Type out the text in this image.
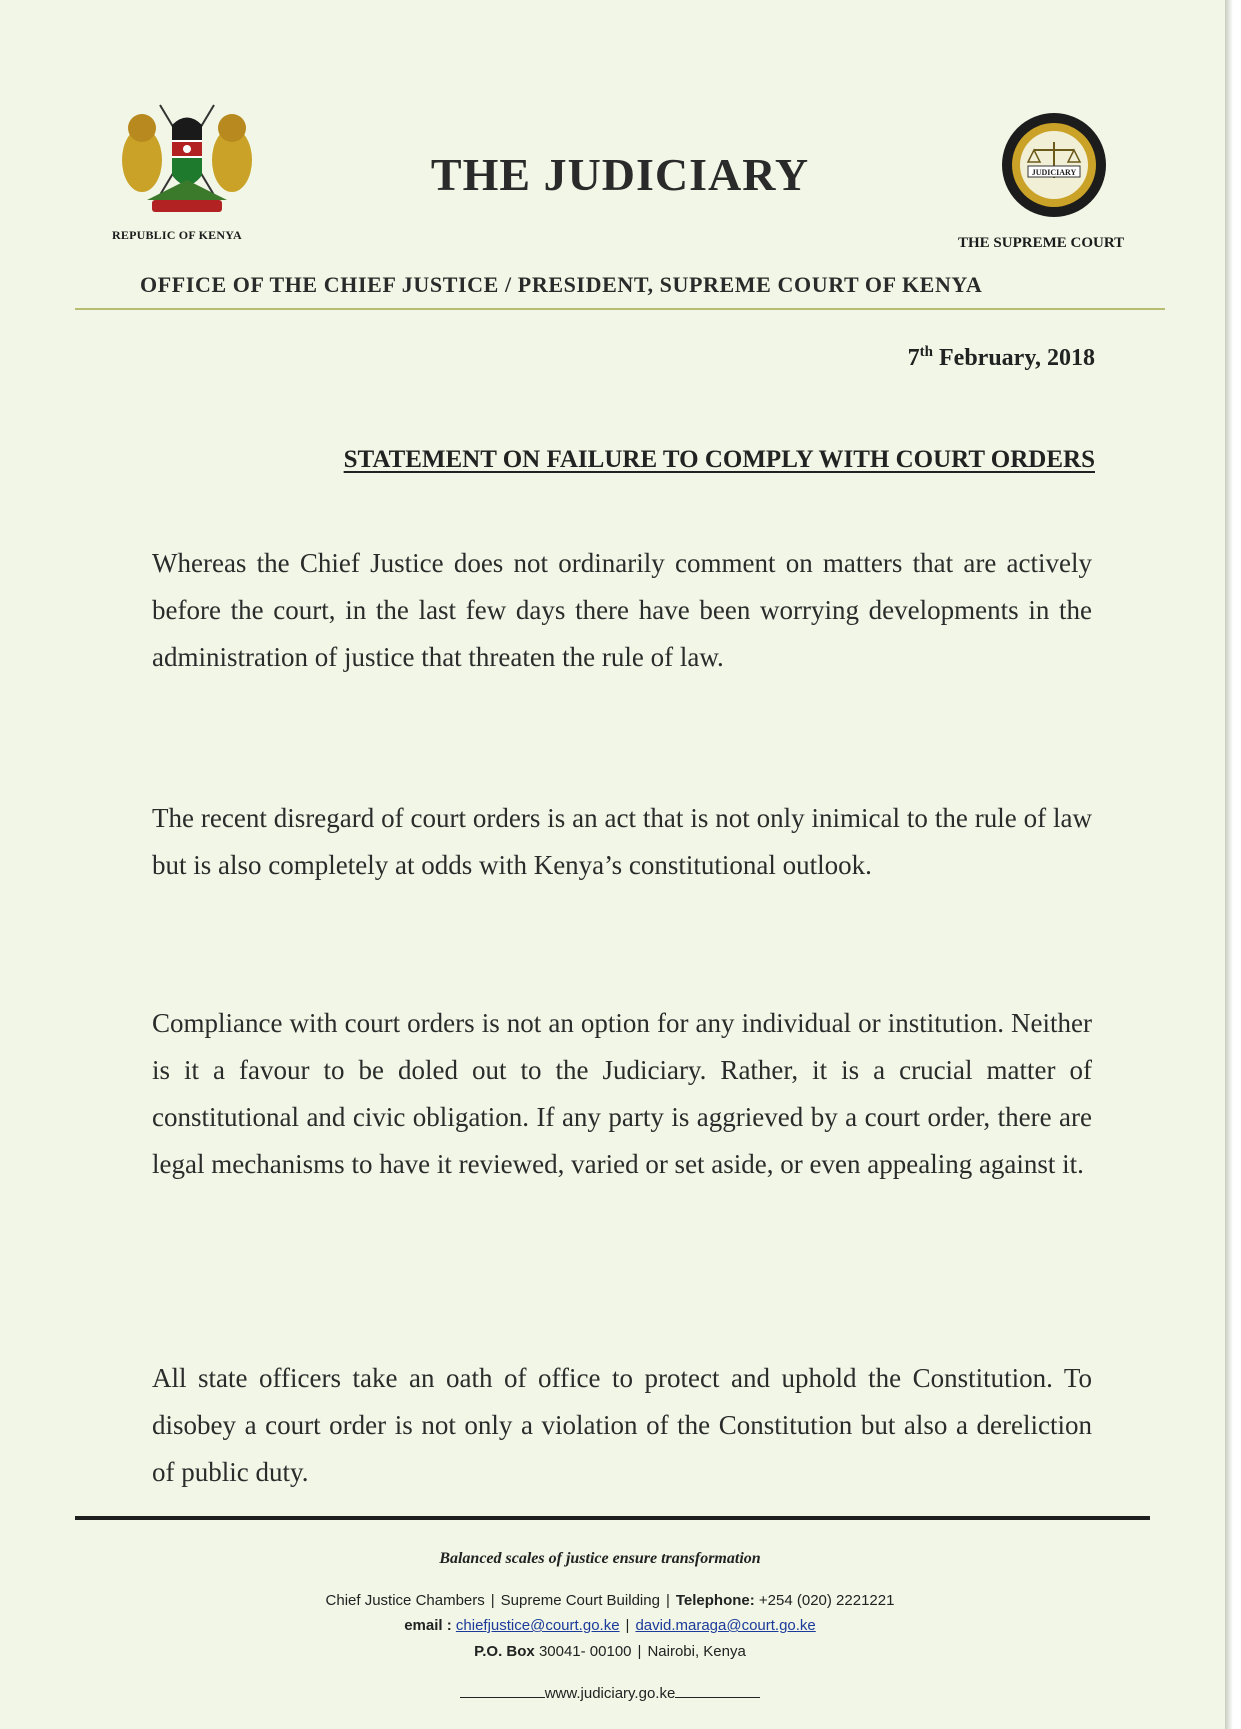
REPUBLIC OF KENYA
THE JUDICIARY	JUDICIARY
THE SUPREME COURT
OFFICE OF THE CHIEF JUSTICE / PRESIDENT, SUPREME COURT OF KENYA
7th February, 2018
STATEMENT ON FAILURE TO COMPLY WITH COURT ORDERS

Whereas the Chief Justice does not ordinarily comment on matters that are actively before the court, in the last few days there have been worrying developments in the administration of justice that threaten the rule of law.

The recent disregard of court orders is an act that is not only inimical to the rule of law but is also completely at odds with Kenya’s constitutional outlook.

Compliance with court orders is not an option for any individual or institution. Neither is it a favour to be doled out to the Judiciary. Rather, it is a crucial matter of constitutional and civic obligation. If any party is aggrieved by a court order, there are legal mechanisms to have it reviewed, varied or set aside, or even appealing against it.

All state officers take an oath of office to protect and uphold the Constitution. To disobey a court order is not only a violation of the Constitution but also a dereliction of public duty.

Balanced scales of justice ensure transformation
Chief Justice Chambers | Supreme Court Building | Telephone: +254 (020) 2221221
email : chiefjustice@court.go.ke | david.maraga@court.go.ke
P.O. Box 30041- 00100 | Nairobi, Kenya
www.judiciary.go.ke
